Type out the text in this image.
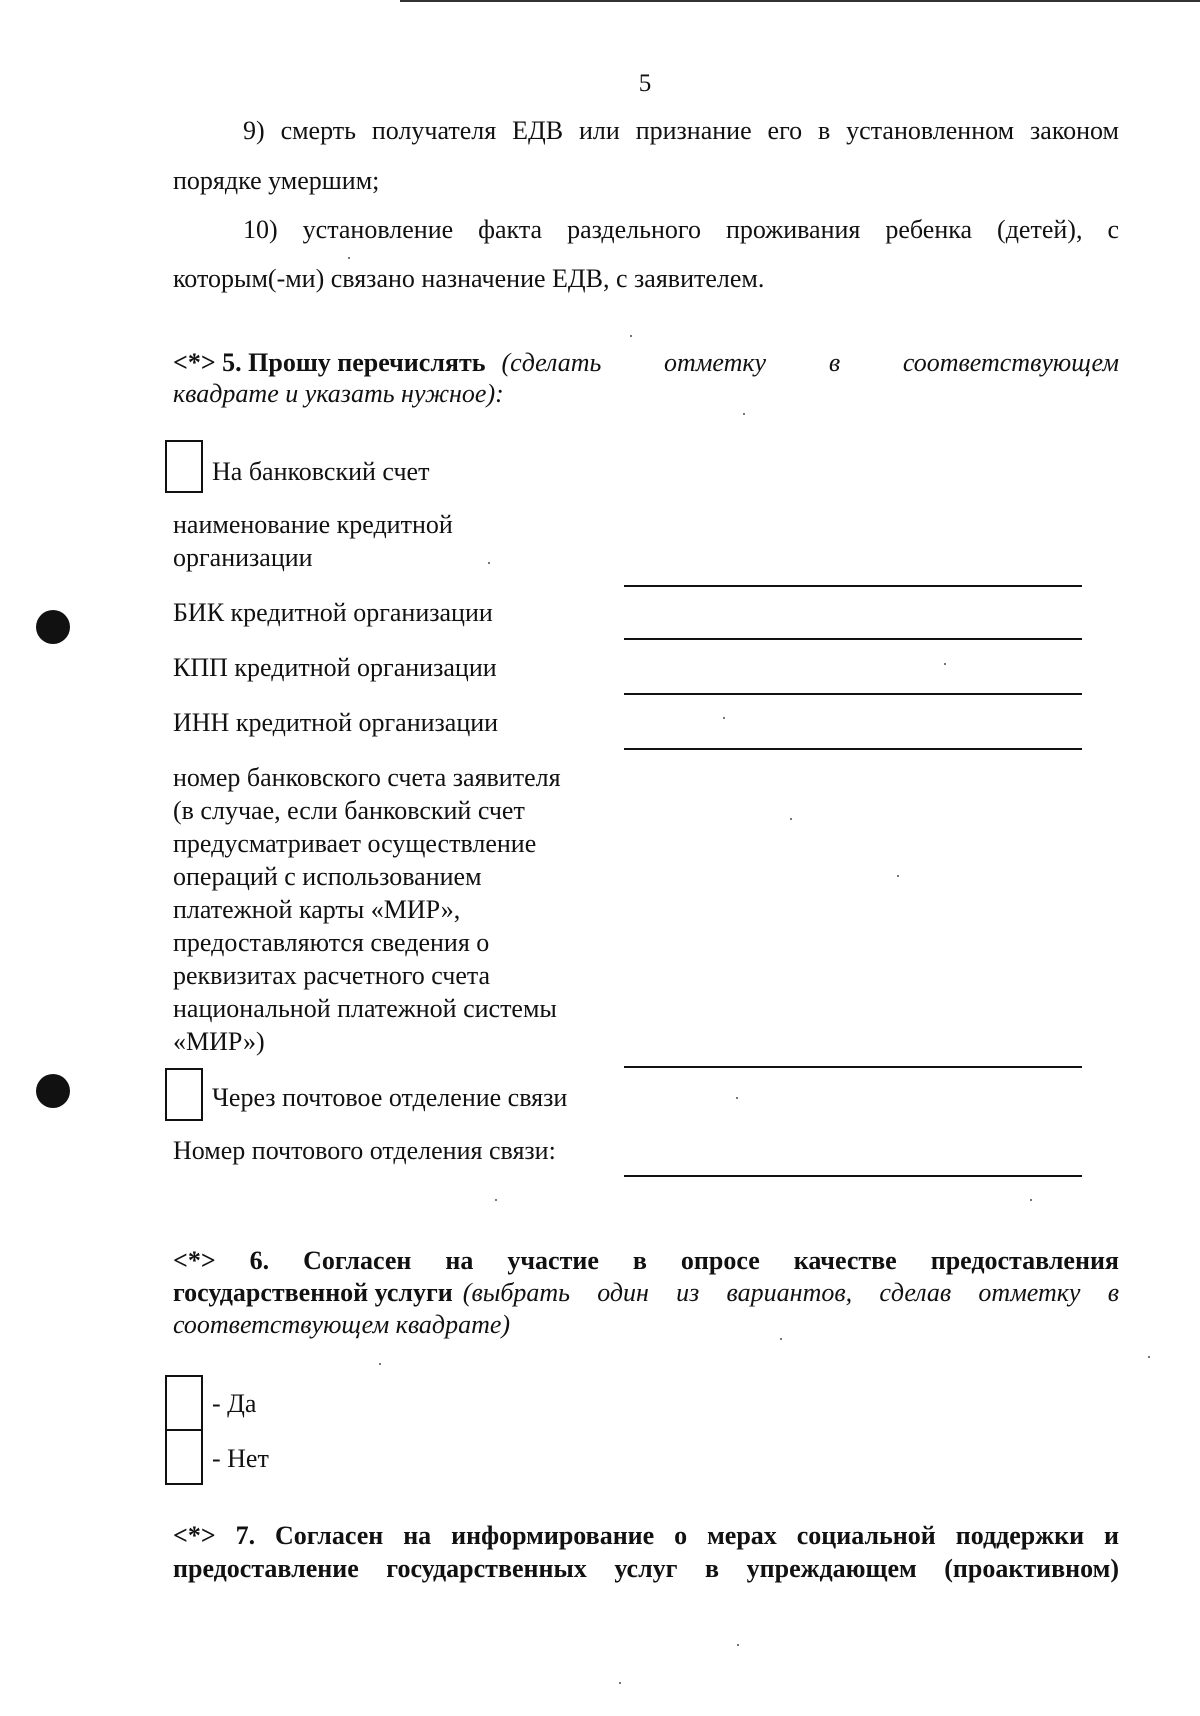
5
9) смерть получателя ЕДВ или признание его в установленном законом
порядке умершим;
10) установление факта раздельного проживания ребенка (детей), с
которым(-ми) связано назначение ЕДВ, с заявителем.
<*> 5. Прошу перечислять (сделать отметку в соответствующем
квадрате и указать нужное):
На банковский счет
наименование кредитной
организации
БИК кредитной организации
КПП кредитной организации
ИНН кредитной организации
номер банковского счета заявителя
(в случае, если банковский счет
предусматривает осуществление
операций с использованием
платежной карты «МИР»,
предоставляются сведения о
реквизитах расчетного счета
национальной платежной системы
«МИР»)
Через почтовое отделение связи
Номер почтового отделения связи:
<*> 6. Согласен на участие в опросе качестве предоставления
государственной услуги (выбрать один из вариантов, сделав отметку в
соответствующем квадрате)
- Да
- Нет
<*> 7. Согласен на информирование о мерах социальной поддержки и
предоставление государственных услуг в упреждающем (проактивном)
